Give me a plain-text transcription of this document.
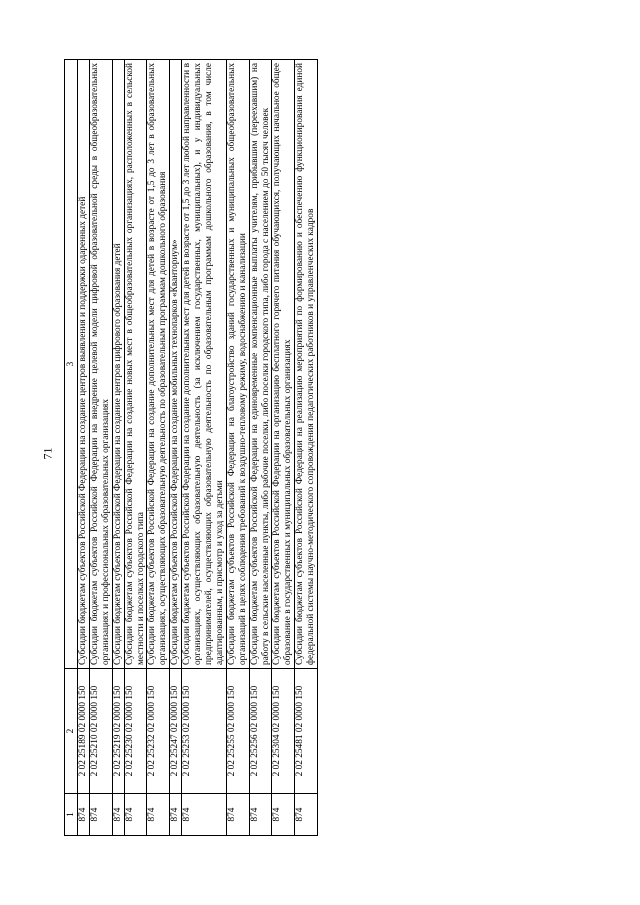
71
1	2	3
874	2 02 25189 02 0000 150	Субсидии бюджетам субъектов Российской Федерации на создание центров выявления и поддержки одаренных детей
874	2 02 25210 02 0000 150	Субсидии бюджетам субъектов Российской Федерации на внедрение целевой модели цифровой образовательной среды в общеобразовательных организациях и профессиональных образовательных организациях
874	2 02 25219 02 0000 150	Субсидии бюджетам субъектов Российской Федерации на создание центров цифрового образования детей
874	2 02 25230 02 0000 150	Субсидии бюджетам субъектов Российской Федерации на создание новых мест в общеобразовательных организациях, расположенных в сельской местности и поселках городского типа
874	2 02 25232 02 0000 150	Субсидии бюджетам субъектов Российской Федерации на создание дополнительных мест для детей в возрасте от 1,5 до 3 лет в образовательных организациях, осуществляющих образовательную деятельность по образовательным программам дошкольного образования
874	2 02 25247 02 0000 150	Субсидии бюджетам субъектов Российской Федерации на создание мобильных технопарков «Кванториум»
874	2 02 25253 02 0000 150	Субсидии бюджетам субъектов Российской Федерации на создание дополнительных мест для детей в возрасте от 1,5 до 3 лет любой направленности в организациях, осуществляющих образовательную деятельность (за исключением государственных, муниципальных), и у индивидуальных предпринимателей, осуществляющих образовательную деятельность по образовательным программам дошкольного образования, в том числе адаптированным, и присмотр и уход за детьми
874	2 02 25255 02 0000 150	Субсидии бюджетам субъектов Российской Федерации на благоустройство зданий государственных и муниципальных общеобразовательных организаций в целях соблюдения требований к воздушно-тепловому режиму, водоснабжению и канализации
874	2 02 25256 02 0000 150	Субсидии бюджетам субъектов Российской Федерации на единовременные компенсационные выплаты учителям, прибывшим (переехавшим) на работу в сельские населенные пункты, либо рабочие поселки, либо поселки городского типа, либо города с населением до 50 тысяч человек
874	2 02 25304 02 0000 150	Субсидии бюджетам субъектов Российской Федерации на организацию бесплатного горячего питания обучающихся, получающих начальное общее образование в государственных и муниципальных образовательных организациях
874	2 02 25481 02 0000 150	Субсидии бюджетам субъектов Российской Федерации на реализацию мероприятий по формированию и обеспечению функционирования единой федеральной системы научно-методического сопровождения педагогических работников и управленческих кадров
